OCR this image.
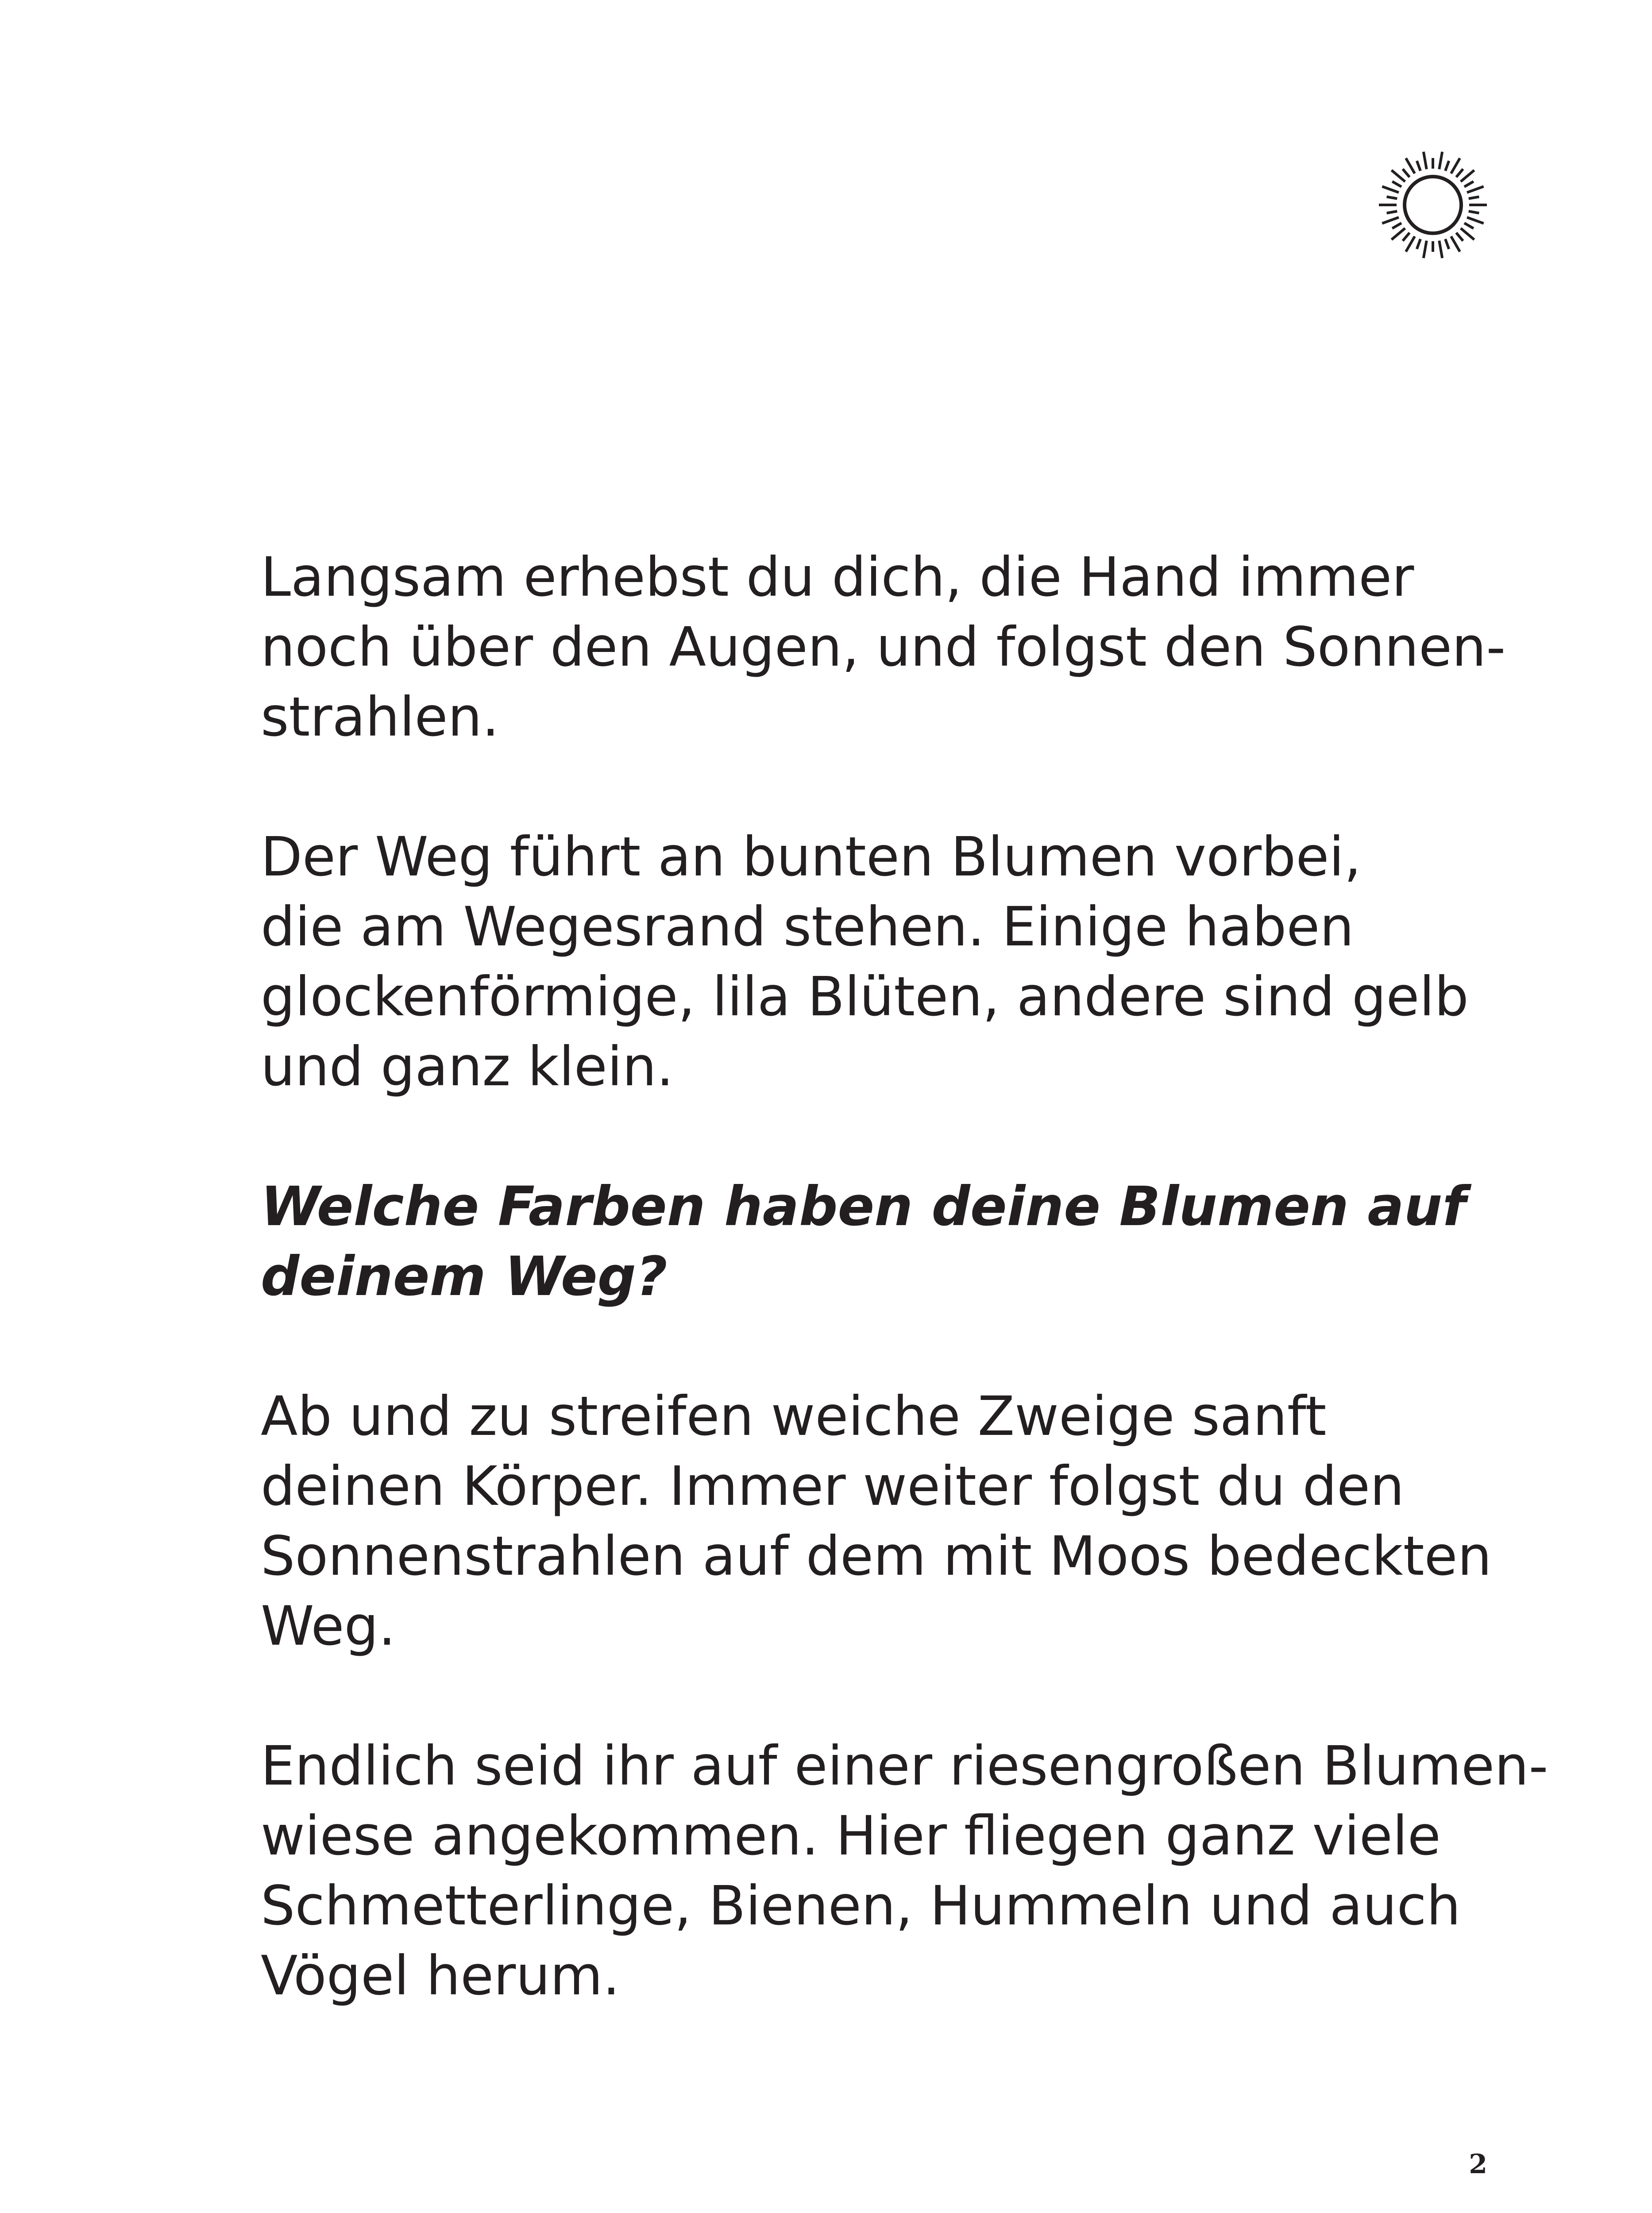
Langsam erhebst du dich, die Hand immer
noch über den Augen, und folgst den Sonnen-
strahlen.

Der Weg führt an bunten Blumen vorbei,
die am Wegesrand stehen. Einige haben
glockenförmige, lila Blüten, andere sind gelb
und ganz klein.

Welche Farben haben deine Blumen auf
deinem Weg?

Ab und zu streifen weiche Zweige sanft
deinen Körper. Immer weiter folgst du den
Sonnenstrahlen auf dem mit Moos bedeckten
Weg.

Endlich seid ihr auf einer riesengroßen Blumen-
wiese angekommen. Hier fliegen ganz viele
Schmetterlinge, Bienen, Hummeln und auch
Vögel herum.

2
